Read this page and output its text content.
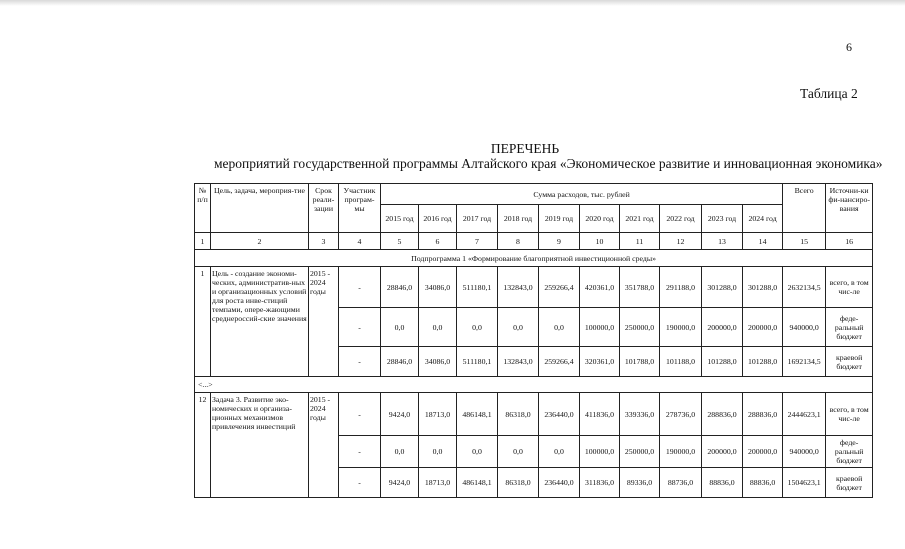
6
Таблица 2
ПЕРЕЧЕНЬ
мероприятий государственной программы Алтайского края «Экономическое развитие и инновационная экономика»
№ п/п	Цель, задача, мероприя-тие	Срок реали-зации	Участник програм-мы	Сумма расходов, тыс. рублей										Всего	Источни-ки фи-нансиро-вания
				2015 год	2016 год	2017 год	2018 год	2019 год	2020 год	2021 год	2022 год	2023 год	2024 год		
1	2	3	4	5	6	7	8	9	10	11	12	13	14	15	16
Подпрограмма 1 «Формирование благоприятной инвестиционной среды»															
1	Цель - создание экономи-ческих, административ-ных и организационных условий для роста инве-стиций темпами, опере-жающими среднероссий-ские значения	2015 - 2024 годы	-	28846,0	34086,0	511180,1	132843,0	259266,4	420361,0	351788,0	291188,0	301288,0	301288,0	2632134,5	всего, в том чис-ле
			-	0,0	0,0	0,0	0,0	0,0	100000,0	250000,0	190000,0	200000,0	200000,0	940000,0	феде-ральный бюджет
			-	28846,0	34086,0	511180,1	132843,0	259266,4	320361,0	101788,0	101188,0	101288,0	101288,0	1692134,5	краевой бюджет
<...>															
12	Задача 3. Развитие эко-номических и организа-ционных механизмов привлечения инвестиций	2015 - 2024 годы	-	9424,0	18713,0	486148,1	86318,0	236440,0	411836,0	339336,0	278736,0	288836,0	288836,0	2444623,1	всего, в том чис-ле
			-	0,0	0,0	0,0	0,0	0,0	100000,0	250000,0	190000,0	200000,0	200000,0	940000,0	феде-ральный бюджет
			-	9424,0	18713,0	486148,1	86318,0	236440,0	311836,0	89336,0	88736,0	88836,0	88836,0	1504623,1	краевой бюджет
